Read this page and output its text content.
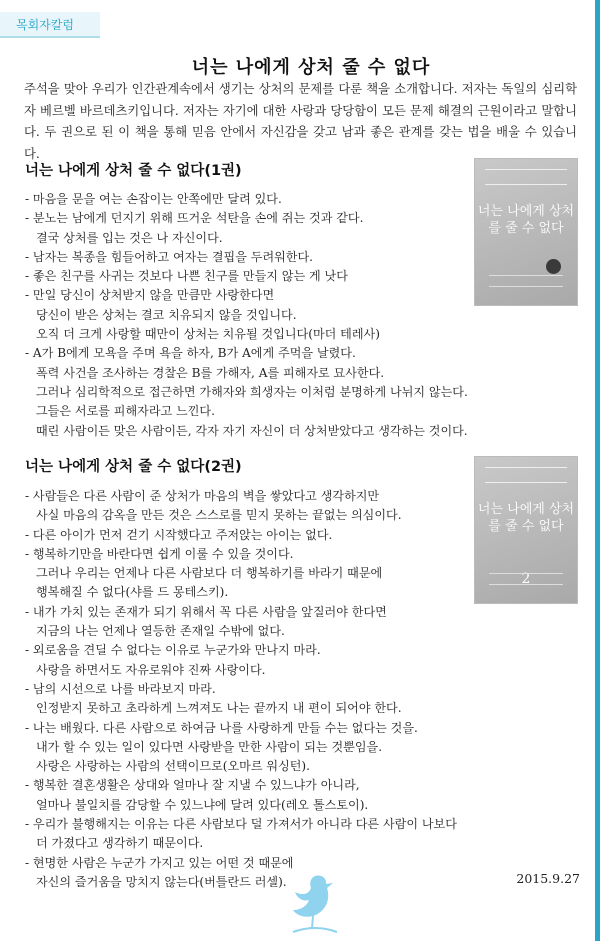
목회자칼럼
너는 나에게 상처 줄 수 없다

주석을 맞아 우리가 인간관계속에서 생기는 상처의 문제를 다룬 책을 소개합니다. 저자는 독일의 심리학자 베르벨 바르데츠키입니다. 저자는 자기에 대한 사랑과 당당함이 모든 문제 해결의 근원이라고 말합니다. 두 권으로 된 이 책을 통해 믿음 안에서 자신감을 갖고 남과 좋은 관계를 갖는 법을 배울 수 있습니다.

너는 나에게 상처 줄 수 없다(1권)
너는 나에게 상처를 줄 수 없다
- 마음을 문을 여는 손잡이는 안쪽에만 달려 있다.
- 분노는 남에게 던지기 위해 뜨거운 석탄을 손에 쥐는 것과 같다.
결국 상처를 입는 것은 나 자신이다.
- 남자는 복종을 힘들어하고 여자는 결핍을 두려워한다.
- 좋은 친구를 사귀는 것보다 나쁜 친구를 만들지 않는 게 낫다
- 만일 당신이 상처받지 않을 만큼만 사랑한다면
당신이 받은 상처는 결코 치유되지 않을 것입니다.
오직 더 크게 사랑할 때만이 상처는 치유될 것입니다(마더 테레사)
- A가 B에게 모욕을 주며 욕을 하자, B가 A에게 주먹을 날렸다.
폭력 사건을 조사하는 경찰은 B를 가해자, A를 피해자로 묘사한다.
그러나 심리학적으로 접근하면 가해자와 희생자는 이처럼 분명하게 나뉘지 않는다.
그들은 서로를 피해자라고 느낀다.
때린 사람이든 맞은 사람이든, 각자 자기 자신이 더 상처받았다고 생각하는 것이다.
너는 나에게 상처 줄 수 없다(2권)
너는 나에게 상처를 줄 수 없다
2
- 사람들은 다른 사람이 준 상처가 마음의 벽을 쌓았다고 생각하지만
사실 마음의 감옥을 만든 것은 스스로를 믿지 못하는 끝없는 의심이다.
- 다른 아이가 먼저 걷기 시작했다고 주저앉는 아이는 없다.
- 행복하기만을 바란다면 쉽게 이룰 수 있을 것이다.
그러나 우리는 언제나 다른 사람보다 더 행복하기를 바라기 때문에
행복해질 수 없다(샤를 드 몽테스키).
- 내가 가치 있는 존재가 되기 위해서 꼭 다른 사람을 앞질러야 한다면
지금의 나는 언제나 열등한 존재일 수밖에 없다.
- 외로움을 견딜 수 없다는 이유로 누군가와 만나지 마라.
사랑을 하면서도 자유로워야 진짜 사랑이다.
- 남의 시선으로 나를 바라보지 마라.
인정받지 못하고 초라하게 느껴져도 나는 끝까지 내 편이 되어야 한다.
- 나는 배웠다. 다른 사람으로 하여금 나를 사랑하게 만들 수는 없다는 것을.
내가 할 수 있는 일이 있다면 사랑받을 만한 사람이 되는 것뿐임을.
사랑은 사랑하는 사람의 선택이므로(오마르 워싱턴).
- 행복한 결혼생활은 상대와 얼마나 잘 지낼 수 있느냐가 아니라,
얼마나 불일치를 감당할 수 있느냐에 달려 있다(레오 톨스토이).
- 우리가 불행해지는 이유는 다른 사람보다 덜 가져서가 아니라 다른 사람이 나보다
더 가졌다고 생각하기 때문이다.
- 현명한 사람은 누군가 가지고 있는 어떤 것 때문에
자신의 즐거움을 망치지 않는다(버틀란드 러셀).	2015.9.27
